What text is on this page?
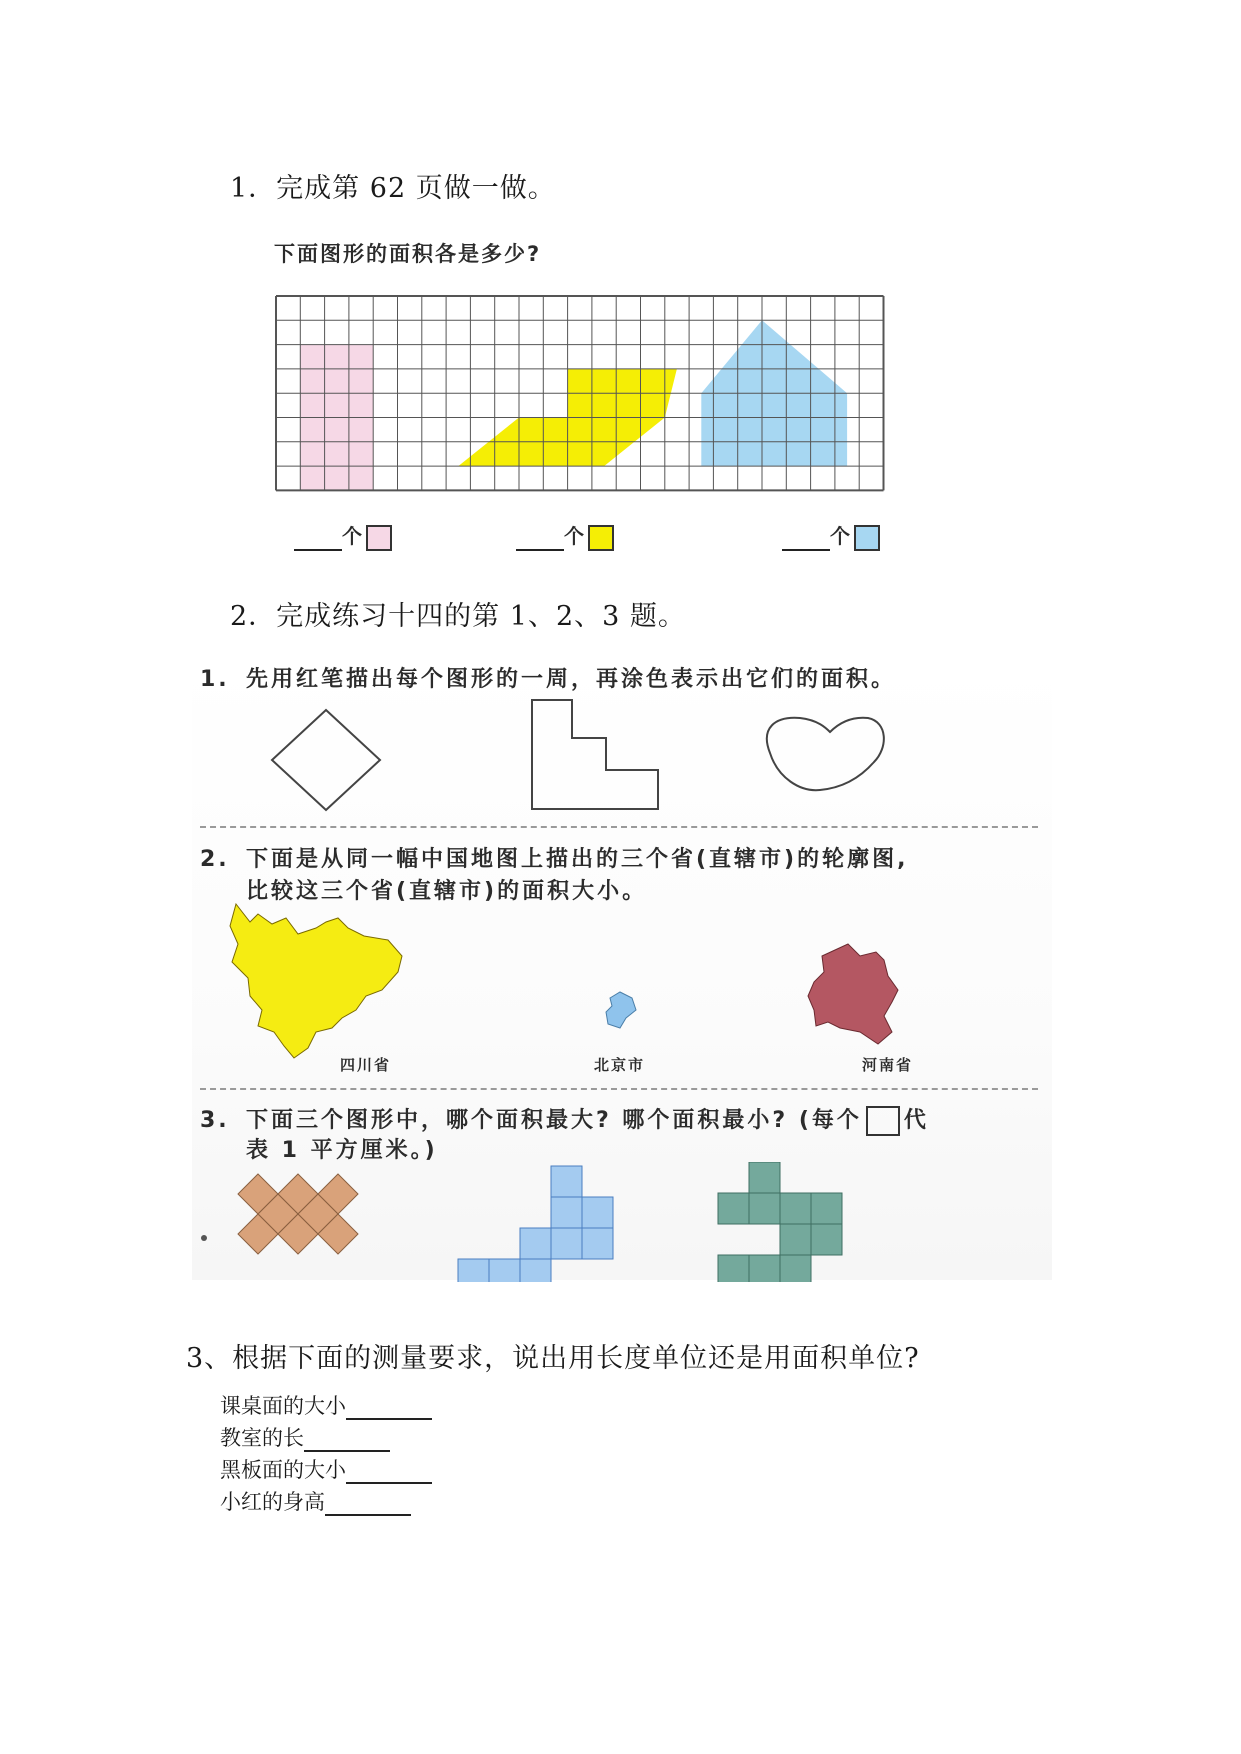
1．完成第 62 页做一做。
下面图形的面积各是多少?
个	个	个
2．完成练习十四的第 1、2、3 题。
1. 先用红笔描出每个图形的一周，再涂色表示出它们的面积。
2. 下面是从同一幅中国地图上描出的三个省(直辖市)的轮廓图,
比较这三个省(直辖市)的面积大小。
四川省	北京市	河南省
3. 下面三个图形中，哪个面积最大? 哪个面积最小? (每个 代
表 1 平方厘米。)
3、根据下面的测量要求，说出用长度单位还是用面积单位?
课桌面的大小
教室的长
黑板面的大小
小红的身高
